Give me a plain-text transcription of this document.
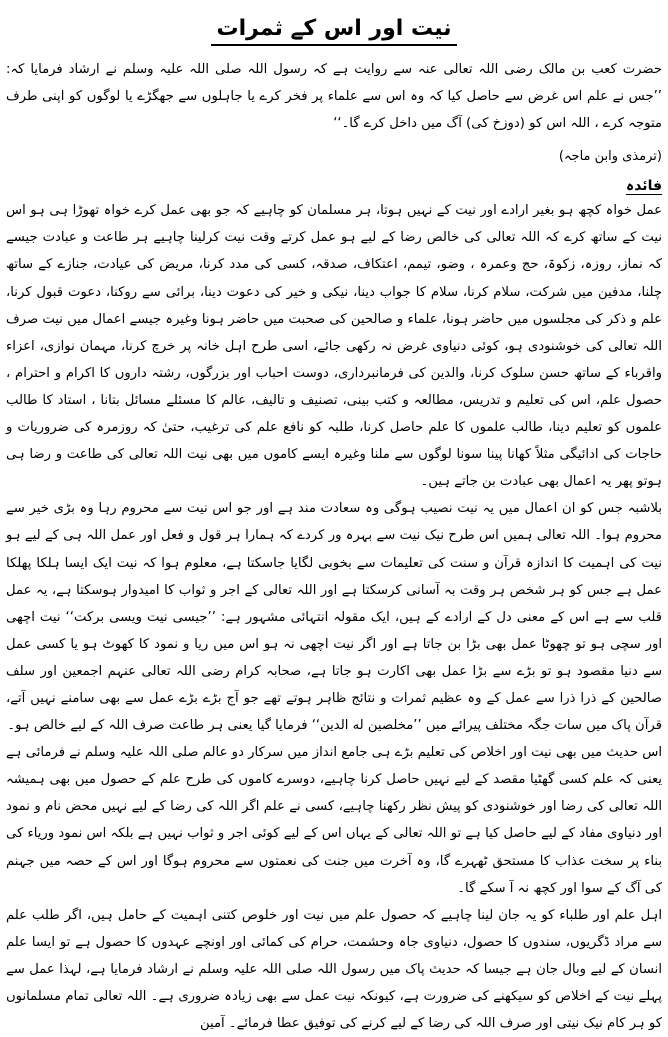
نیت اور اس کے ثمرات

حضرت کعب بن مالک رضی اللہ تعالی عنہ سے روایت ہے کہ رسول اللہ صلی اللہ علیہ وسلم نے ارشاد فرمایا کہ: ’’جس نے علم اس غرض سے حاصل کیا کہ وہ اس سے علماء پر فخر کرے یا جاہلوں سے جھگڑے یا لوگوں کو اپنی طرف متوجہ کرے ، اللہ اس کو (دوزخ کی) آگ میں داخل کرے گا۔‘‘

(ترمذی وابن ماجہ)
فائدہ

عمل خواہ کچھ ہو بغیر ارادے اور نیت کے نہیں ہوتا، ہر مسلمان کو چاہیے کہ جو بھی عمل کرے خواہ تھوڑا ہی ہو اس نیت کے ساتھ کرے کہ اللہ تعالی کی خالص رضا کے لیے ہو عمل کرتے وقت نیت کرلینا چاہیے ہر طاعت و عبادت جیسے کہ نماز، روزہ، زکوۃ، حج وعمرہ ، وضو، تیمم، اعتکاف، صدقہ، کسی کی مدد کرنا، مریض کی عیادت، جنازے کے ساتھ چلنا، مدفین میں شرکت، سلام کرنا، سلام کا جواب دینا، نیکی و خیر کی دعوت دینا، برائی سے روکنا، دعوت قبول کرنا، علم و ذکر کی مجلسوں میں حاضر ہونا، علماء و صالحین کی صحبت میں حاضر ہونا وغیرہ جیسے اعمال میں نیت صرف اللہ تعالی کی خوشنودی ہو، کوئی دنیاوی غرض نہ رکھی جائے، اسی طرح اہل خانہ پر خرچ کرنا، مہمان نوازی، اعزاء واقرباء کے ساتھ حسن سلوک کرنا، والدین کی فرمانبرداری، دوست احباب اور بزرگوں، رشتہ داروں کا اکرام و احترام ، حصول علم، اس کی تعلیم و تدریس، مطالعہ و کتب بینی، تصنیف و تالیف، عالم کا مسئلے مسائل بتانا ، استاد کا طالب علموں کو تعلیم دینا، طالب علموں کا علم حاصل کرنا، طلبہ کو نافع علم کی ترغیب، حتیٰ کہ روزمرہ کی ضروریات و حاجات کی ادائیگی مثلاً کھانا پینا سونا لوگوں سے ملنا وغیرہ ایسے کاموں میں بھی نیت اللہ تعالی کی طاعت و رضا ہی ہوتو پھر یہ اعمال بھی عبادت بن جاتے ہیں۔

بلاشبہ جس کو ان اعمال میں یہ نیت نصیب ہوگی وہ سعادت مند ہے اور جو اس نیت سے محروم رہا وہ بڑی خیر سے محروم ہوا۔ اللہ تعالی ہمیں اس طرح نیک نیت سے بہرہ ور کردے کہ ہمارا ہر قول و فعل اور عمل اللہ ہی کے لیے ہو نیت کی اہمیت کا اندازہ قرآن و سنت کی تعلیمات سے بخوبی لگایا جاسکتا ہے، معلوم ہوا کہ نیت ایک ایسا ہلکا پھلکا عمل ہے جس کو ہر شخص ہر وقت بہ آسانی کرسکتا ہے اور اللہ تعالی کے اجر و ثواب کا امیدوار ہوسکتا ہے، یہ عمل قلب سے ہے اس کے معنی دل کے ارادے کے ہیں، ایک مقولہ انتہائی مشہور ہے: ’’جیسی نیت ویسی برکت‘‘ نیت اچھی اور سچی ہو تو چھوٹا عمل بھی بڑا بن جاتا ہے اور اگر نیت اچھی نہ ہو اس میں ریا و نمود کا کھوٹ ہو یا کسی عمل سے دنیا مقصود ہو تو بڑے سے بڑا عمل بھی اکارت ہو جاتا ہے، صحابہ کرام رضی اللہ تعالی عنہم اجمعین اور سلف صالحین کے ذرا ذرا سے عمل کے وہ عظیم ثمرات و نتائج ظاہر ہوتے تھے جو آج بڑے بڑے عمل سے بھی سامنے نہیں آتے، قرآن پاک میں سات جگہ مختلف پیرائے میں ’’مخلصین له الدین‘‘ فرمایا گیا یعنی ہر طاعت صرف اللہ کے لیے خالص ہو۔

اس حدیث میں بھی نیت اور اخلاص کی تعلیم بڑے ہی جامع انداز میں سرکار دو عالم صلی اللہ علیہ وسلم نے فرمائی ہے یعنی کہ علم کسی گھٹیا مقصد کے لیے نہیں حاصل کرنا چاہیے، دوسرے کاموں کی طرح علم کے حصول میں بھی ہمیشہ اللہ تعالی کی رضا اور خوشنودی کو پیش نظر رکھنا چاہیے، کسی نے علم اگر اللہ کی رضا کے لیے نہیں محض نام و نمود اور دنیاوی مفاد کے لیے حاصل کیا ہے تو اللہ تعالی کے یہاں اس کے لیے کوئی اجر و ثواب نہیں ہے بلکہ اس نمود وریاء کی بناء پر سخت عذاب کا مستحق ٹھہرے گا، وہ آخرت میں جنت کی نعمتوں سے محروم ہوگا اور اس کے حصہ میں جہنم کی آگ کے سوا اور کچھ نہ آ سکے گا۔

اہل علم اور طلباء کو یہ جان لینا چاہیے کہ حصول علم میں نیت اور خلوص کتنی اہمیت کے حامل ہیں، اگر طلب علم سے مراد ڈگریوں، سندوں کا حصول، دنیاوی جاہ وحشمت، حرام کی کمائی اور اونچے عہدوں کا حصول ہے تو ایسا علم انسان کے لیے وبال جان ہے جیسا کہ حدیث پاک میں رسول اللہ صلی اللہ علیہ وسلم نے ارشاد فرمایا ہے، لہذا عمل سے پہلے نیت کے اخلاص کو سیکھنے کی ضرورت ہے، کیونکہ نیت عمل سے بھی زیادہ ضروری ہے۔ اللہ تعالی تمام مسلمانوں کو ہر کام نیک نیتی اور صرف اللہ کی رضا کے لیے کرنے کی توفیق عطا فرمائے۔ آمین
